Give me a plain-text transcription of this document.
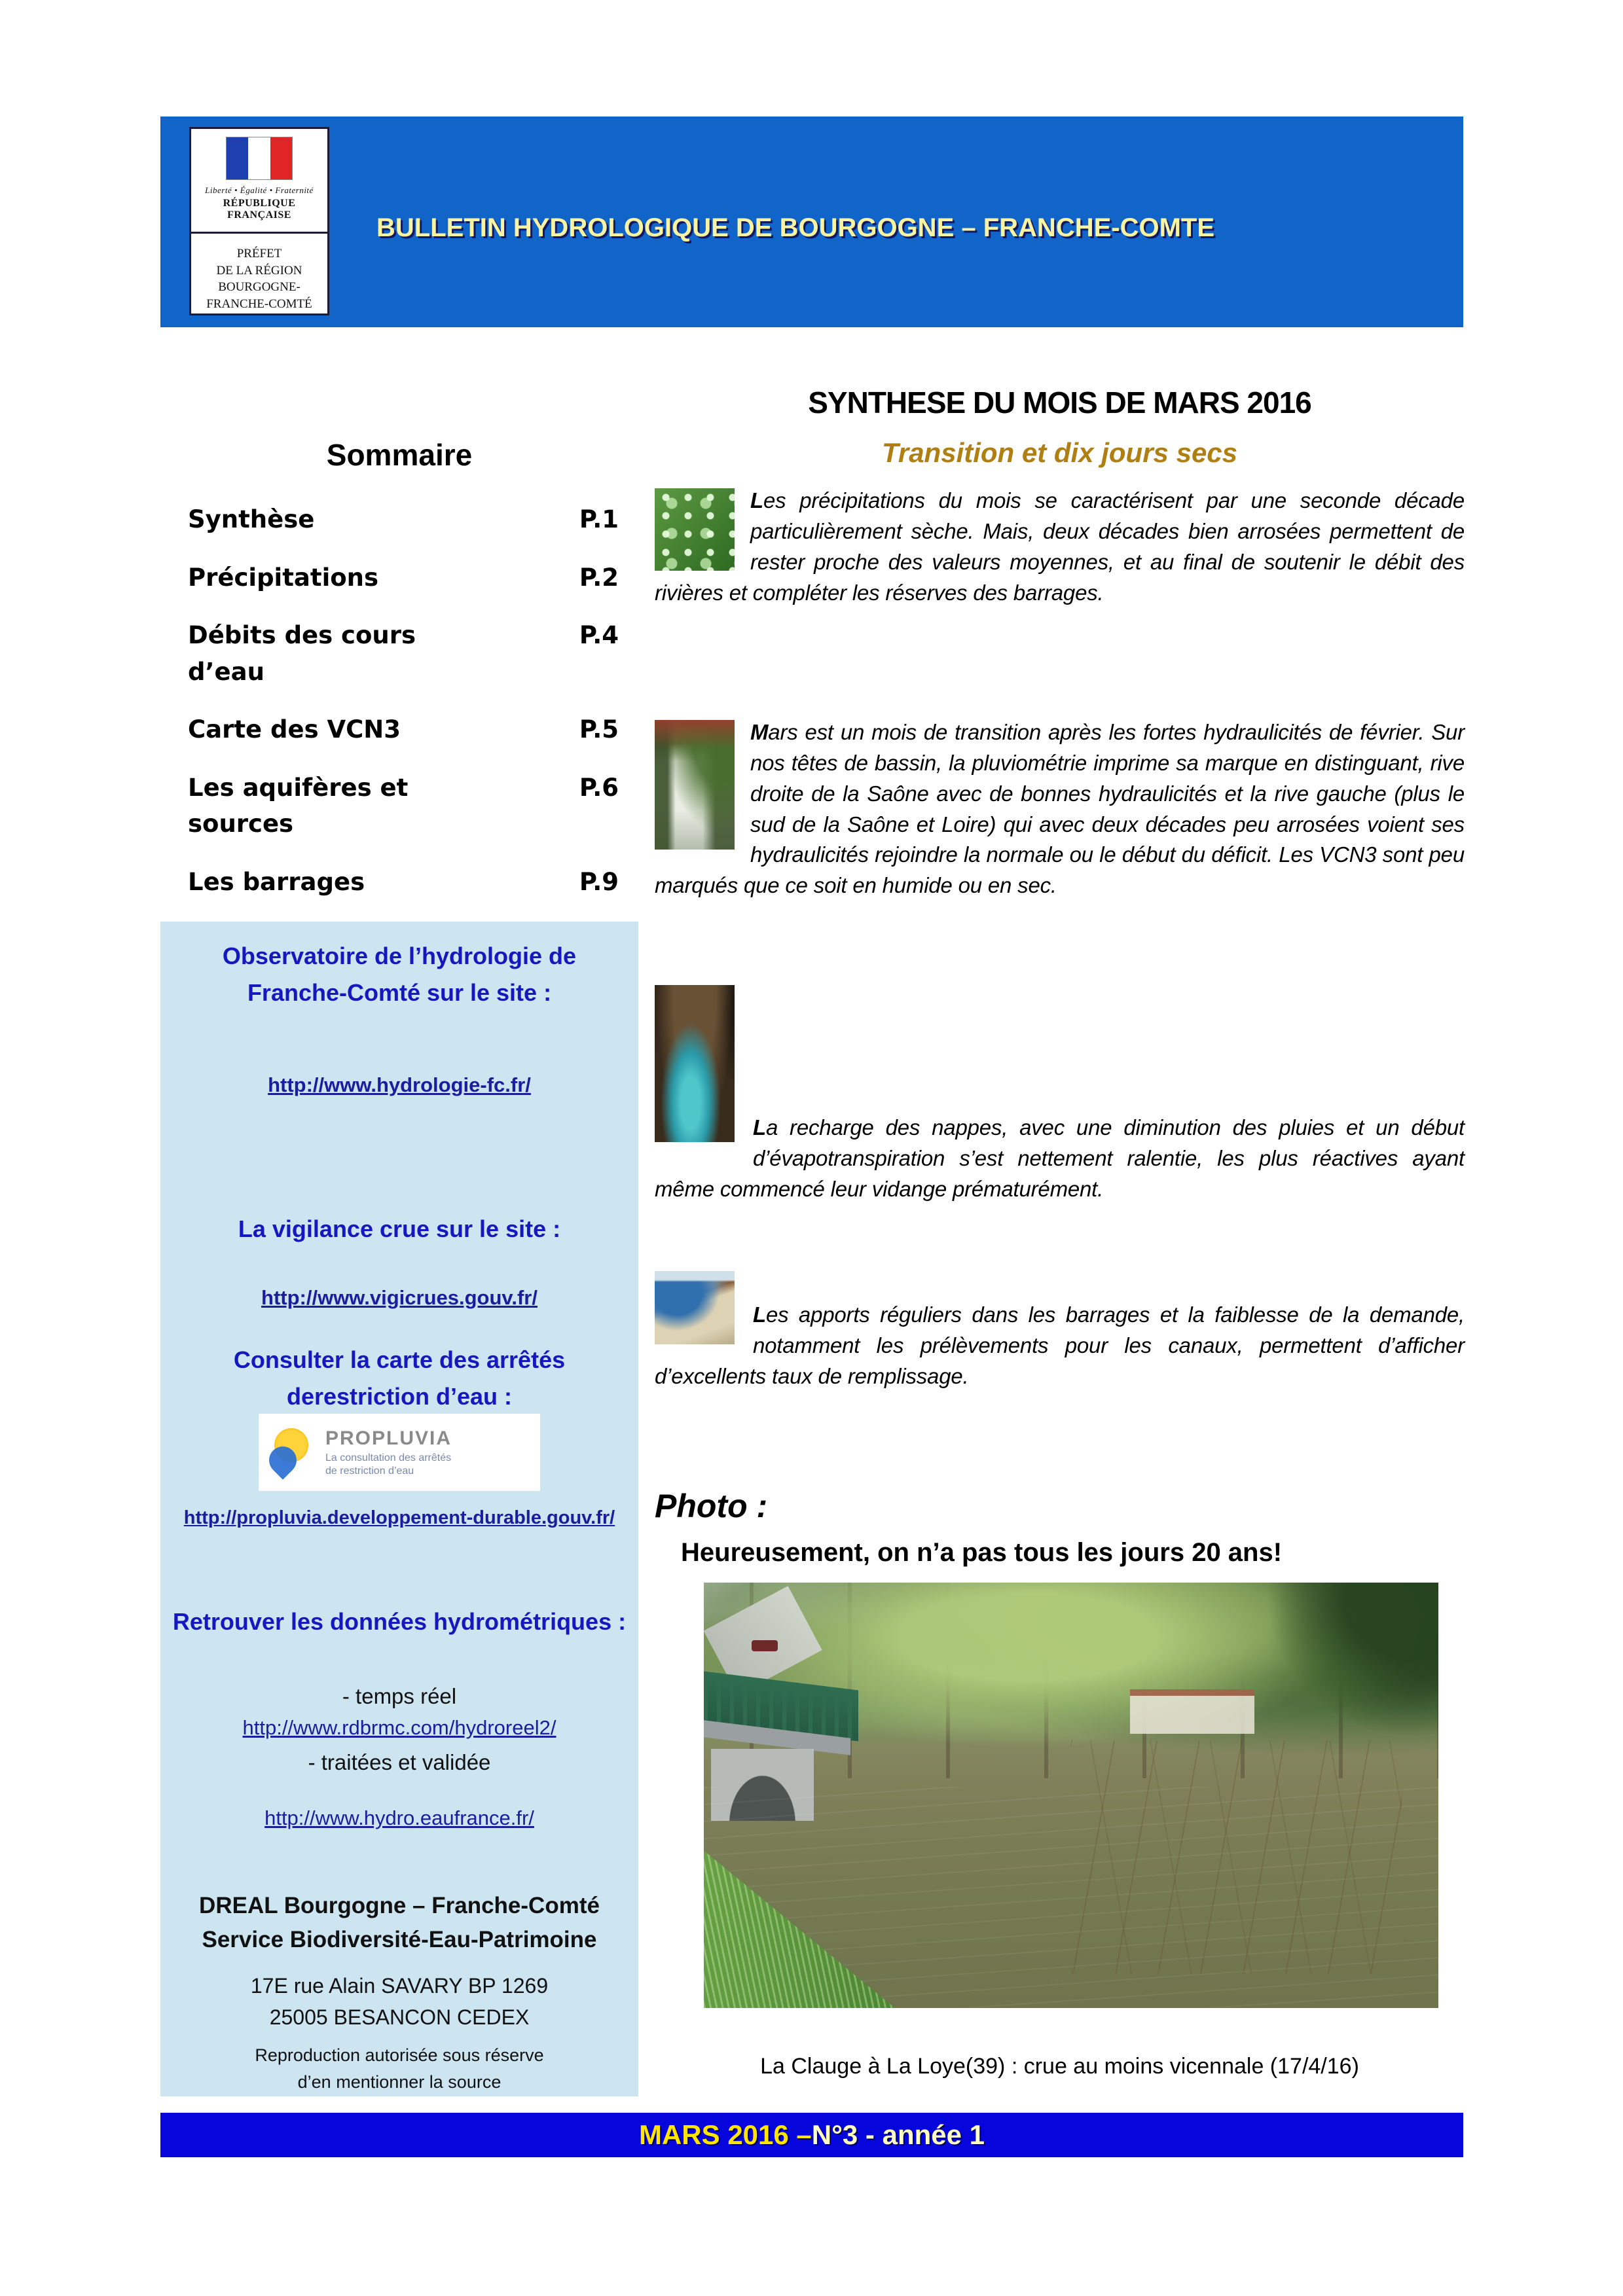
Liberté • Égalité • Fraternité
RÉPUBLIQUE FRANÇAISE
PRÉFET
DE LA RÉGION
BOURGOGNE-
FRANCHE-COMTÉ
BULLETIN HYDROLOGIQUE DE BOURGOGNE – FRANCHE-COMTE
Sommaire
Synthèse	P.1
Précipitations	P.2
Débits des cours d’eau
P.4
Carte des VCN3	P.5
Les aquifères et sources
P.6
Les barrages	P.9
SYNTHESE DU MOIS DE MARS 2016
Transition et dix jours secs
Les précipitations du mois se caractérisent par une seconde décade particulièrement sèche. Mais, deux décades bien arrosées permettent de rester proche des valeurs moyennes, et au final de soutenir le débit des rivières et compléter les réserves des barrages.
Mars est un mois de transition après les fortes hydraulicités de février. Sur nos têtes de bassin, la pluviométrie imprime sa marque en distinguant, rive droite de la Saône avec de bonnes hydraulicités et la rive gauche (plus le sud de la Saône et Loire) qui avec deux décades peu arrosées voient ses hydraulicités rejoindre la normale ou le début du déficit. Les VCN3 sont peu marqués que ce soit en humide ou en sec.
La recharge des nappes, avec une diminution des pluies et un début d’évapotranspiration s’est nettement ralentie, les plus réactives ayant même commencé leur vidange prématurément.
Les apports réguliers dans les barrages et la faiblesse de la demande, notamment les prélèvements pour les canaux, permettent d’afficher d’excellents taux de remplissage.
Photo :
Heureusement, on n’a pas tous les jours 20 ans!
La Clauge à La Loye(39) : crue au moins vicennale (17/4/16)
Observatoire de l’hydrologie de Franche-Comté sur le site :
http://www.hydrologie-fc.fr/
La vigilance crue sur le site :
http://www.vigicrues.gouv.fr/
Consulter la carte des arrêtés derestriction d’eau :
PROPLUVIA
La consultation des arrêtés
de restriction d’eau
http://propluvia.developpement-durable.gouv.fr/
Retrouver les données hydrométriques :
- temps réel
http://www.rdbrmc.com/hydroreel2/
- traitées et validée
http://www.hydro.eaufrance.fr/
DREAL Bourgogne – Franche-Comté
Service Biodiversité-Eau-Patrimoine
17E rue Alain SAVARY BP 1269
25005 BESANCON CEDEX
Reproduction autorisée sous réserve d’en mentionner la source
MARS 2016 – N°3 - année 1
